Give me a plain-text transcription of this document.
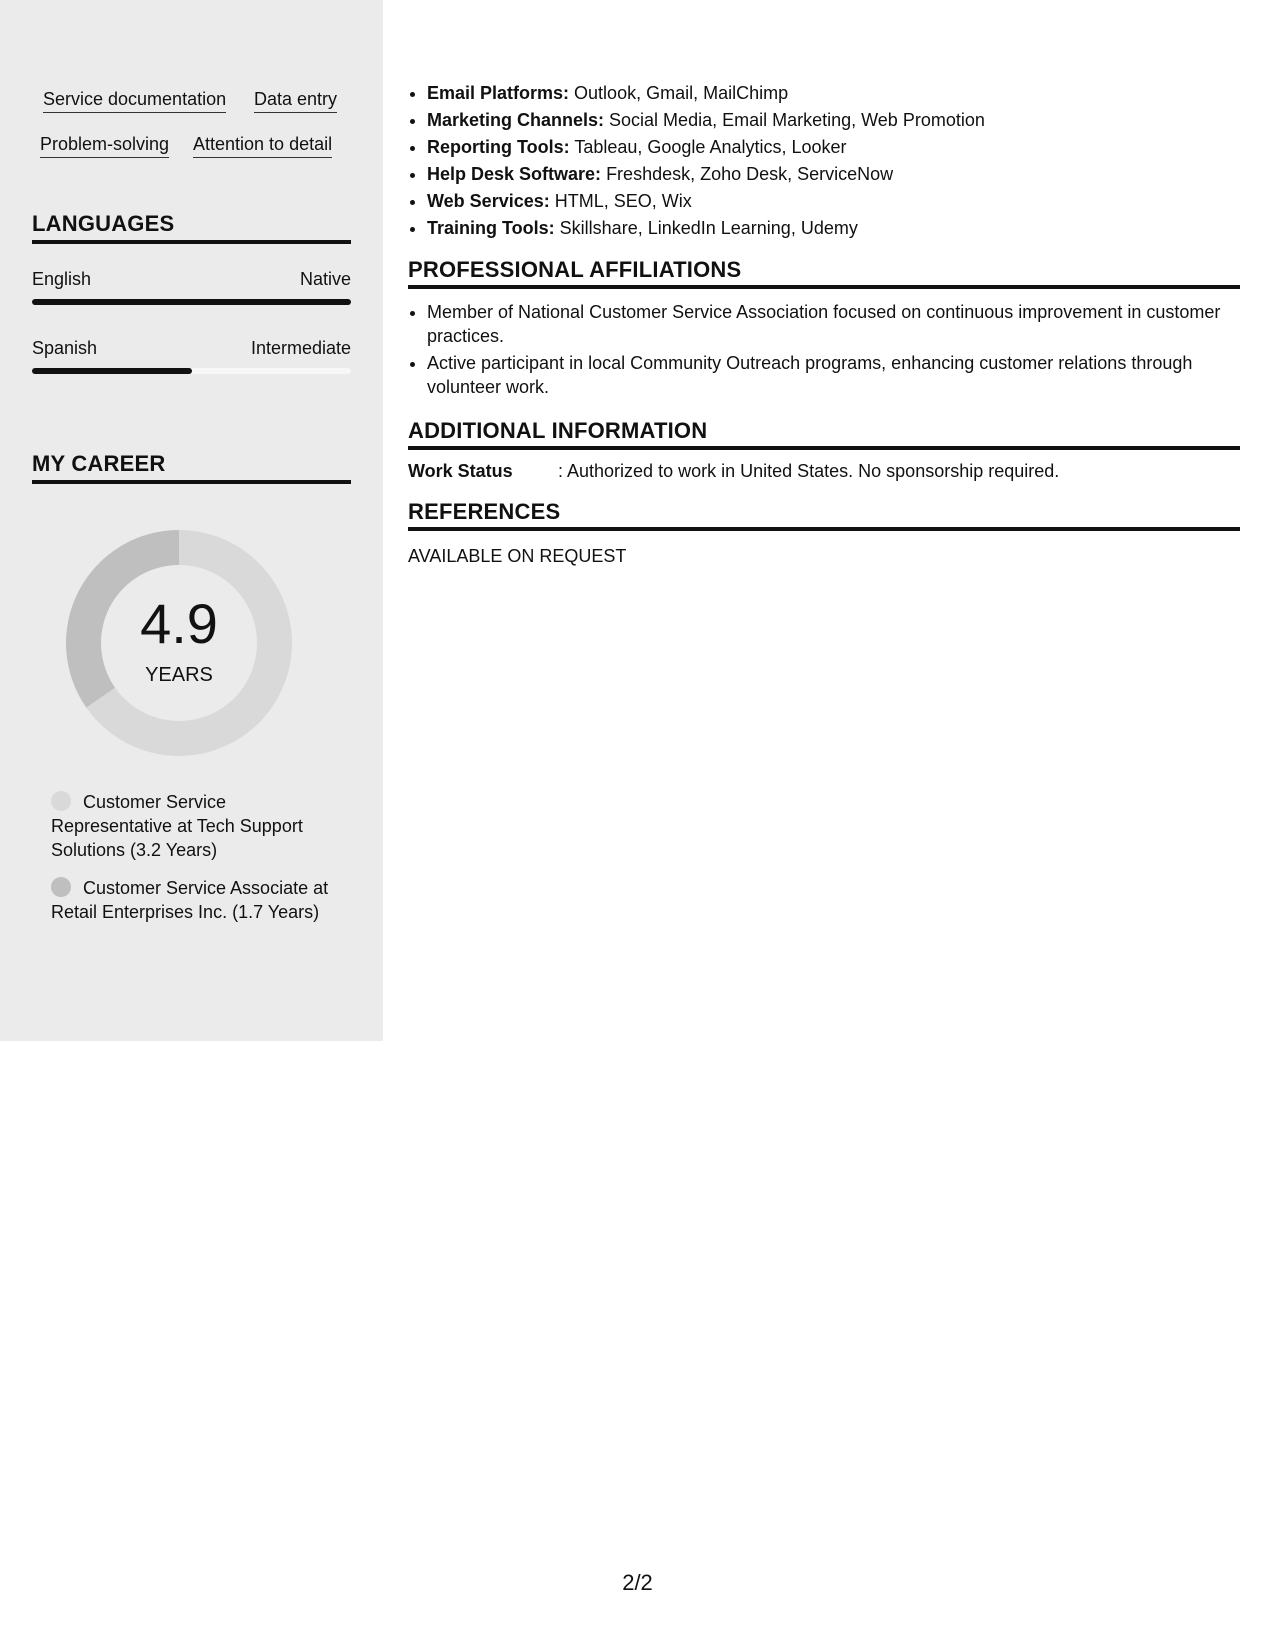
Service documentation Data entry
Problem-solving Attention to detail
LANGUAGES
English	Native
Spanish	Intermediate
MY CAREER
4.9
YEARS
Customer Service Representative at Tech Support Solutions (3.2 Years)
Customer Service Associate at Retail Enterprises Inc. (1.7 Years)
• Email Platforms: Outlook, Gmail, MailChimp
• Marketing Channels: Social Media, Email Marketing, Web Promotion
• Reporting Tools: Tableau, Google Analytics, Looker
• Help Desk Software: Freshdesk, Zoho Desk, ServiceNow
• Web Services: HTML, SEO, Wix
• Training Tools: Skillshare, LinkedIn Learning, Udemy
PROFESSIONAL AFFILIATIONS
• Member of National Customer Service Association focused on continuous improvement in customer practices.
• Active participant in local Community Outreach programs, enhancing customer relations through volunteer work.
ADDITIONAL INFORMATION
Work Status	: Authorized to work in United States. No sponsorship required.
REFERENCES
AVAILABLE ON REQUEST
2/2
